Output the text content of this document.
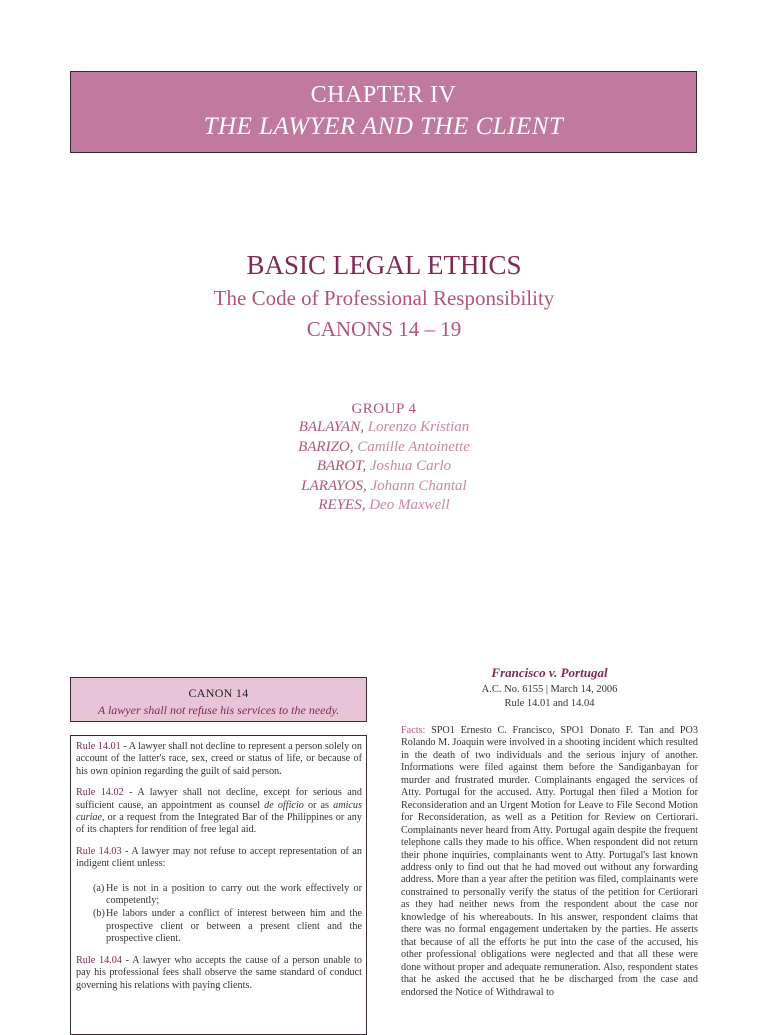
CHAPTER IV
THE LAWYER AND THE CLIENT
BASIC LEGAL ETHICS
The Code of Professional Responsibility
CANONS 14 – 19
GROUP 4
BALAYAN, Lorenzo Kristian
BARIZO, Camille Antoinette
BAROT, Joshua Carlo
LARAYOS, Johann Chantal
REYES, Deo Maxwell
CANON 14
A lawyer shall not refuse his services to the needy.

Rule 14.01 - A lawyer shall not decline to represent a person solely on account of the latter's race, sex, creed or status of life, or because of his own opinion regarding the guilt of said person.

Rule 14.02 - A lawyer shall not decline, except for serious and sufficient cause, an appointment as counsel de officio or as amicus curiae, or a request from the Integrated Bar of the Philippines or any of its chapters for rendition of free legal aid.

Rule 14.03 - A lawyer may not refuse to accept representation of an indigent client unless:

(a) He is not in a position to carry out the work effectively or competently;
(b) He labors under a conflict of interest between him and the prospective client or between a present client and the prospective client.

Rule 14.04 - A lawyer who accepts the cause of a person unable to pay his professional fees shall observe the same standard of conduct governing his relations with paying clients.

Francisco v. Portugal
A.C. No. 6155 | March 14, 2006
Rule 14.01 and 14.04
Facts: SPO1 Ernesto C. Francisco, SPO1 Donato F. Tan and PO3 Rolando M. Joaquin were involved in a shooting incident which resulted in the death of two individuals and the serious injury of another. Informations were filed against them before the Sandiganbayan for murder and frustrated murder. Complainants engaged the services of Atty. Portugal for the accused. Atty. Portugal then filed a Motion for Reconsideration and an Urgent Motion for Leave to File Second Motion for Reconsideration, as well as a Petition for Review on Certiorari. Complainants never heard from Atty. Portugal again despite the frequent telephone calls they made to his office. When respondent did not return their phone inquiries, complainants went to Atty. Portugal's last known address only to find out that he had moved out without any forwarding address. More than a year after the petition was filed, complainants were constrained to personally verify the status of the petition for Certiorari as they had neither news from the respondent about the case nor knowledge of his whereabouts. In his answer, respondent claims that there was no formal engagement undertaken by the parties. He asserts that because of all the efforts he put into the case of the accused, his other professional obligations were neglected and that all these were done without proper and adequate remuneration. Also, respondent states that he asked the accused that he be discharged from the case and endorsed the Notice of Withdrawal to
